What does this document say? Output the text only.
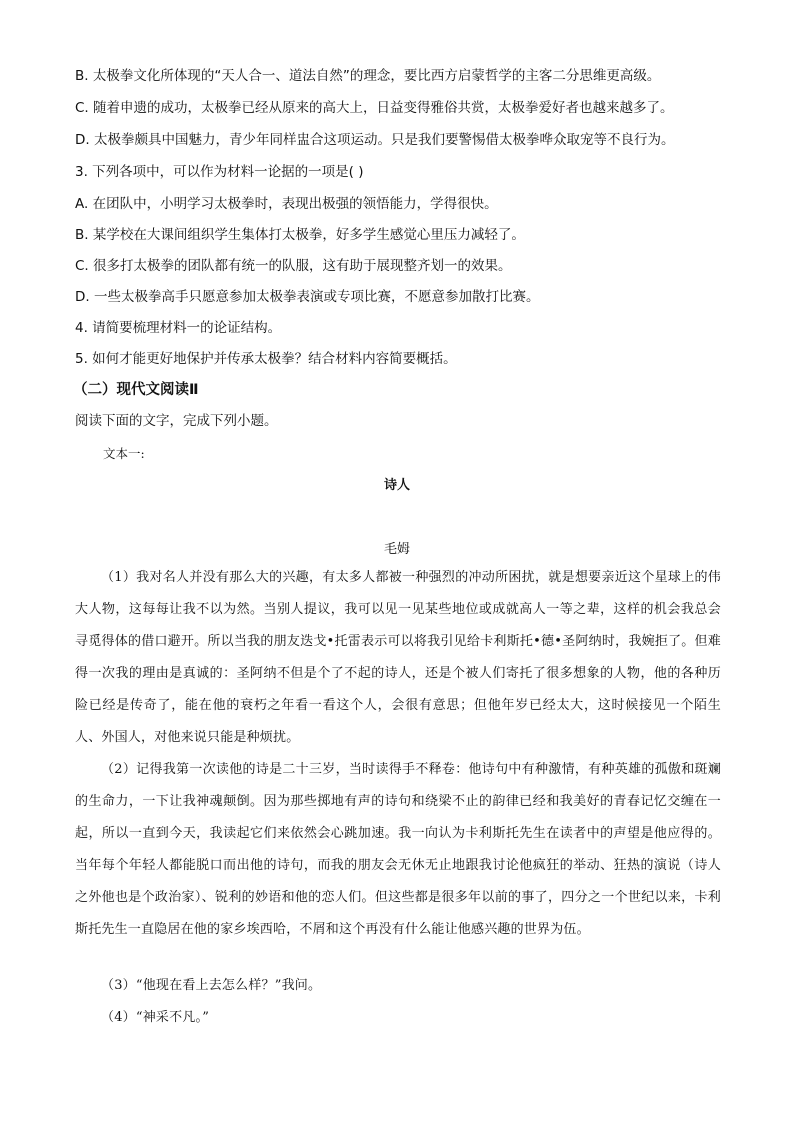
B. 太极拳文化所体现的“天人合一、道法自然”的理念，要比西方启蒙哲学的主客二分思维更高级。
C. 随着申遗的成功，太极拳已经从原来的高大上，日益变得雅俗共赏，太极拳爱好者也越来越多了。
D. 太极拳颇具中国魅力，青少年同样盅合这项运动。只是我们要警惕借太极拳哗众取宠等不良行为。
3. 下列各项中，可以作为材料一论据的一项是( )
A. 在团队中，小明学习太极拳时，表现出极强的领悟能力，学得很快。
B. 某学校在大课间组织学生集体打太极拳，好多学生感觉心里压力减轻了。
C. 很多打太极拳的团队都有统一的队服，这有助于展现整齐划一的效果。
D. 一些太极拳高手只愿意参加太极拳表演或专项比赛，不愿意参加散打比赛。
4. 请简要梳理材料一的论证结构。
5. 如何才能更好地保护并传承太极拳？结合材料内容简要概括。
（二）现代文阅读Ⅱ
阅读下面的文字，完成下列小题。
文本一:
诗人
毛姆
（1）我对名人并没有那么大的兴趣，有太多人都被一种强烈的冲动所困扰，就是想要亲近这个星球上的伟大人物，这每每让我不以为然。当别人提议，我可以见一见某些地位或成就高人一等之辈，这样的机会我总会寻觅得体的借口避开。所以当我的朋友迭戈•托雷表示可以将我引见给卡利斯托•德•圣阿纳时，我婉拒了。但难得一次我的理由是真诚的：圣阿纳不但是个了不起的诗人，还是个被人们寄托了很多想象的人物，他的各种历险已经是传奇了，能在他的衰朽之年看一看这个人，会很有意思；但他年岁已经太大，这时候接见一个陌生人、外国人，对他来说只能是种烦扰。
（2）记得我第一次读他的诗是二十三岁，当时读得手不释卷：他诗句中有种激情，有种英雄的孤傲和斑斓的生命力，一下让我神魂颠倒。因为那些掷地有声的诗句和绕梁不止的韵律已经和我美好的青春记忆交缠在一起，所以一直到今天，我读起它们来依然会心跳加速。我一向认为卡利斯托先生在读者中的声望是他应得的。当年每个年轻人都能脱口而出他的诗句，而我的朋友会无休无止地跟我讨论他疯狂的举动、狂热的演说（诗人之外他也是个政治家）、锐利的妙语和他的恋人们。但这些都是很多年以前的事了，四分之一个世纪以来，卡利斯托先生一直隐居在他的家乡埃西哈，不屑和这个再没有什么能让他感兴趣的世界为伍。
（3）“他现在看上去怎么样？”我问。
（4）“神采不凡。”
